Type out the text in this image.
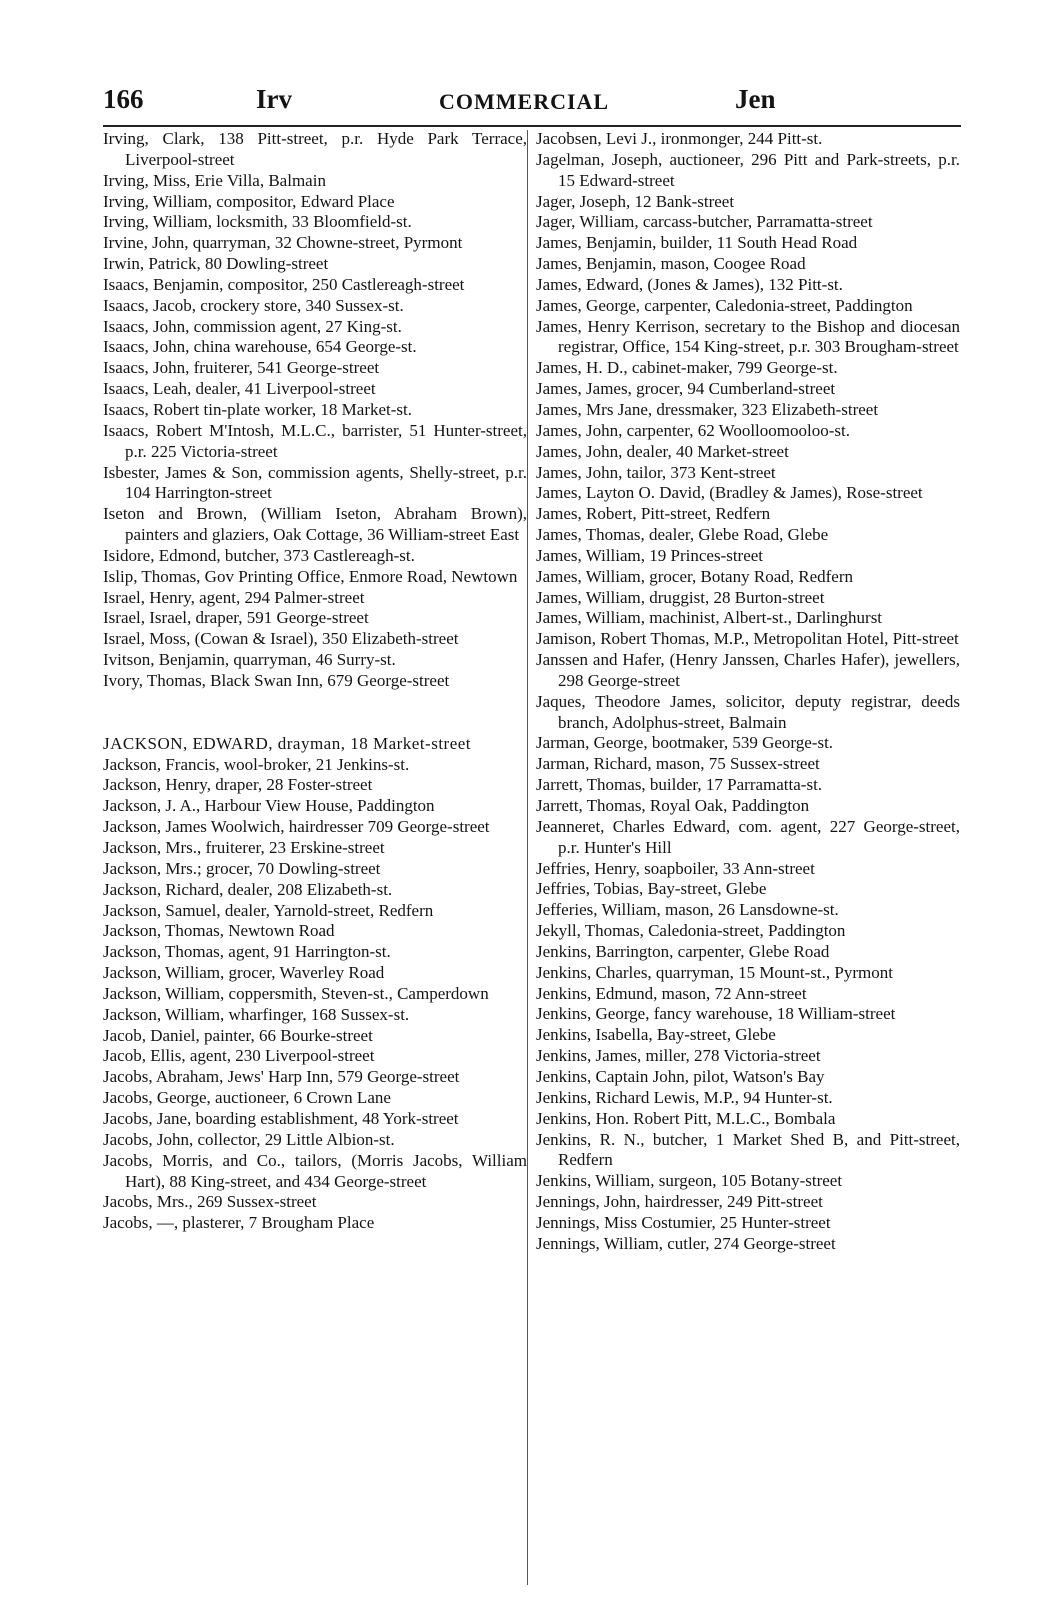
166	Irv	COMMERCIAL	Jen
Irving, Clark, 138 Pitt-street, p.r. Hyde Park Terrace, Liverpool-street
Irving, Miss, Erie Villa, Balmain
Irving, William, compositor, Edward Place
Irving, William, locksmith, 33 Bloomfield-st.
Irvine, John, quarryman, 32 Chowne-street, Pyrmont
Irwin, Patrick, 80 Dowling-street
Isaacs, Benjamin, compositor, 250 Castlereagh-street
Isaacs, Jacob, crockery store, 340 Sussex-st.
Isaacs, John, commission agent, 27 King-st.
Isaacs, John, china warehouse, 654 George-st.
Isaacs, John, fruiterer, 541 George-street
Isaacs, Leah, dealer, 41 Liverpool-street
Isaacs, Robert tin-plate worker, 18 Market-st.
Isaacs, Robert M'Intosh, M.L.C., barrister, 51 Hunter-street, p.r. 225 Victoria-street
Isbester, James & Son, commission agents, Shelly-street, p.r. 104 Harrington-street
Iseton and Brown, (William Iseton, Abraham Brown), painters and glaziers, Oak Cottage, 36 William-street East
Isidore, Edmond, butcher, 373 Castlereagh-st.
Islip, Thomas, Gov Printing Office, Enmore Road, Newtown
Israel, Henry, agent, 294 Palmer-street
Israel, Israel, draper, 591 George-street
Israel, Moss, (Cowan & Israel), 350 Elizabeth-street
Ivitson, Benjamin, quarryman, 46 Surry-st.
Ivory, Thomas, Black Swan Inn, 679 George-street
JACKSON, EDWARD, drayman, 18 Market-street
Jackson, Francis, wool-broker, 21 Jenkins-st.
Jackson, Henry, draper, 28 Foster-street
Jackson, J. A., Harbour View House, Paddington
Jackson, James Woolwich, hairdresser 709 George-street
Jackson, Mrs., fruiterer, 23 Erskine-street
Jackson, Mrs.; grocer, 70 Dowling-street
Jackson, Richard, dealer, 208 Elizabeth-st.
Jackson, Samuel, dealer, Yarnold-street, Redfern
Jackson, Thomas, Newtown Road
Jackson, Thomas, agent, 91 Harrington-st.
Jackson, William, grocer, Waverley Road
Jackson, William, coppersmith, Steven-st., Camperdown
Jackson, William, wharfinger, 168 Sussex-st.
Jacob, Daniel, painter, 66 Bourke-street
Jacob, Ellis, agent, 230 Liverpool-street
Jacobs, Abraham, Jews' Harp Inn, 579 George-street
Jacobs, George, auctioneer, 6 Crown Lane
Jacobs, Jane, boarding establishment, 48 York-street
Jacobs, John, collector, 29 Little Albion-st.
Jacobs, Morris, and Co., tailors, (Morris Jacobs, William Hart), 88 King-street, and 434 George-street
Jacobs, Mrs., 269 Sussex-street
Jacobs, —, plasterer, 7 Brougham Place
Jacobsen, Levi J., ironmonger, 244 Pitt-st.
Jagelman, Joseph, auctioneer, 296 Pitt and Park-streets, p.r. 15 Edward-street
Jager, Joseph, 12 Bank-street
Jager, William, carcass-butcher, Parramatta-street
James, Benjamin, builder, 11 South Head Road
James, Benjamin, mason, Coogee Road
James, Edward, (Jones & James), 132 Pitt-st.
James, George, carpenter, Caledonia-street, Paddington
James, Henry Kerrison, secretary to the Bishop and diocesan registrar, Office, 154 King-street, p.r. 303 Brougham-street
James, H. D., cabinet-maker, 799 George-st.
James, James, grocer, 94 Cumberland-street
James, Mrs Jane, dressmaker, 323 Elizabeth-street
James, John, carpenter, 62 Woolloomooloo-st.
James, John, dealer, 40 Market-street
James, John, tailor, 373 Kent-street
James, Layton O. David, (Bradley & James), Rose-street
James, Robert, Pitt-street, Redfern
James, Thomas, dealer, Glebe Road, Glebe
James, William, 19 Princes-street
James, William, grocer, Botany Road, Redfern
James, William, druggist, 28 Burton-street
James, William, machinist, Albert-st., Darlinghurst
Jamison, Robert Thomas, M.P., Metropolitan Hotel, Pitt-street
Janssen and Hafer, (Henry Janssen, Charles Hafer), jewellers, 298 George-street
Jaques, Theodore James, solicitor, deputy registrar, deeds branch, Adolphus-street, Balmain
Jarman, George, bootmaker, 539 George-st.
Jarman, Richard, mason, 75 Sussex-street
Jarrett, Thomas, builder, 17 Parramatta-st.
Jarrett, Thomas, Royal Oak, Paddington
Jeanneret, Charles Edward, com. agent, 227 George-street, p.r. Hunter's Hill
Jeffries, Henry, soapboiler, 33 Ann-street
Jeffries, Tobias, Bay-street, Glebe
Jefferies, William, mason, 26 Lansdowne-st.
Jekyll, Thomas, Caledonia-street, Paddington
Jenkins, Barrington, carpenter, Glebe Road
Jenkins, Charles, quarryman, 15 Mount-st., Pyrmont
Jenkins, Edmund, mason, 72 Ann-street
Jenkins, George, fancy warehouse, 18 William-street
Jenkins, Isabella, Bay-street, Glebe
Jenkins, James, miller, 278 Victoria-street
Jenkins, Captain John, pilot, Watson's Bay
Jenkins, Richard Lewis, M.P., 94 Hunter-st.
Jenkins, Hon. Robert Pitt, M.L.C., Bombala
Jenkins, R. N., butcher, 1 Market Shed B, and Pitt-street, Redfern
Jenkins, William, surgeon, 105 Botany-street
Jennings, John, hairdresser, 249 Pitt-street
Jennings, Miss Costumier, 25 Hunter-street
Jennings, William, cutler, 274 George-street
